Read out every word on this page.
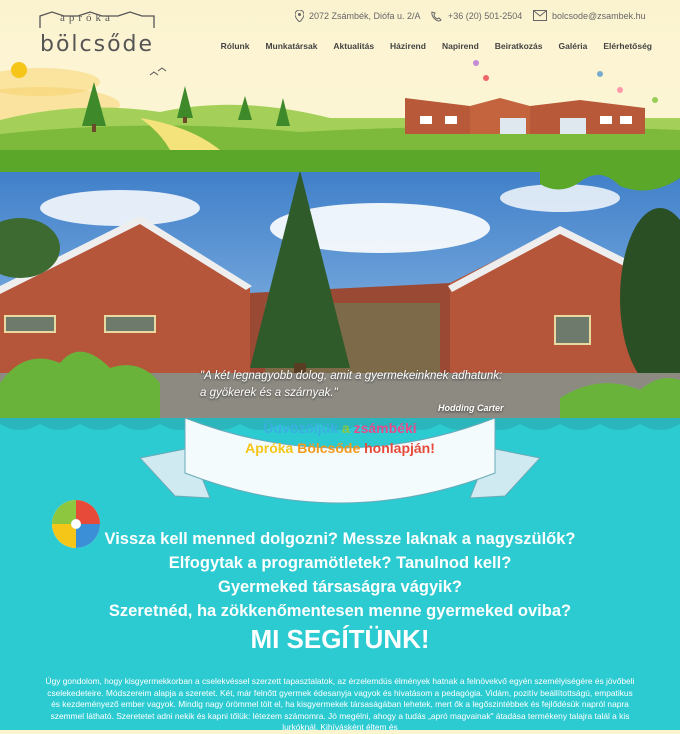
apróka
bölcsőde
2072 Zsámbék, Diófa u. 2/A	+36 (20) 501-2504	bolcsode@zsambek.hu
Rólunk Munkatársak Aktualitás Házirend Napirend Beiratkozás Galéria Elérhetőség
"A két legnagyobb dolog, amit a gyermekeinknek adhatunk:
a gyökerek és a szárnyak."
Hodding Carter
Üdvözöljük a zsámbéki
Apróka Bölcsőde honlapján!
Vissza kell menned dolgozni? Messze laknak a nagyszülők?
Elfogytak a programötletek? Tanulnod kell?
Gyermeked társaságra vágyik?
Szeretnéd, ha zökkenőmentesen menne gyermeked oviba?
MI SEGÍTÜNK!
Úgy gondolom, hogy kisgyermekkorban a cselekvéssel szerzett tapasztalatok, az érzelemdús élmények hatnak a felnövekvő egyén személyiségére és jövőbeli cselekedeteire. Módszereim alapja a szeretet. Két, már felnőtt gyermek édesanyja vagyok és hivatásom a pedagógia. Vidám, pozitív beállítottságú, empatikus és kezdeményező ember vagyok. Mindig nagy örömmel tölt el, ha kisgyermekek társaságában lehetek, mert ők a legőszintébbek és fejlődésük napról napra szemmel látható. Szeretetet adni nekik és kapni tőlük: létezem számomra. Jó megélni, ahogy a tudás „apró magvainak" átadása termékeny talajra talál a kis lurkóknál. Kihívásként éltem és
